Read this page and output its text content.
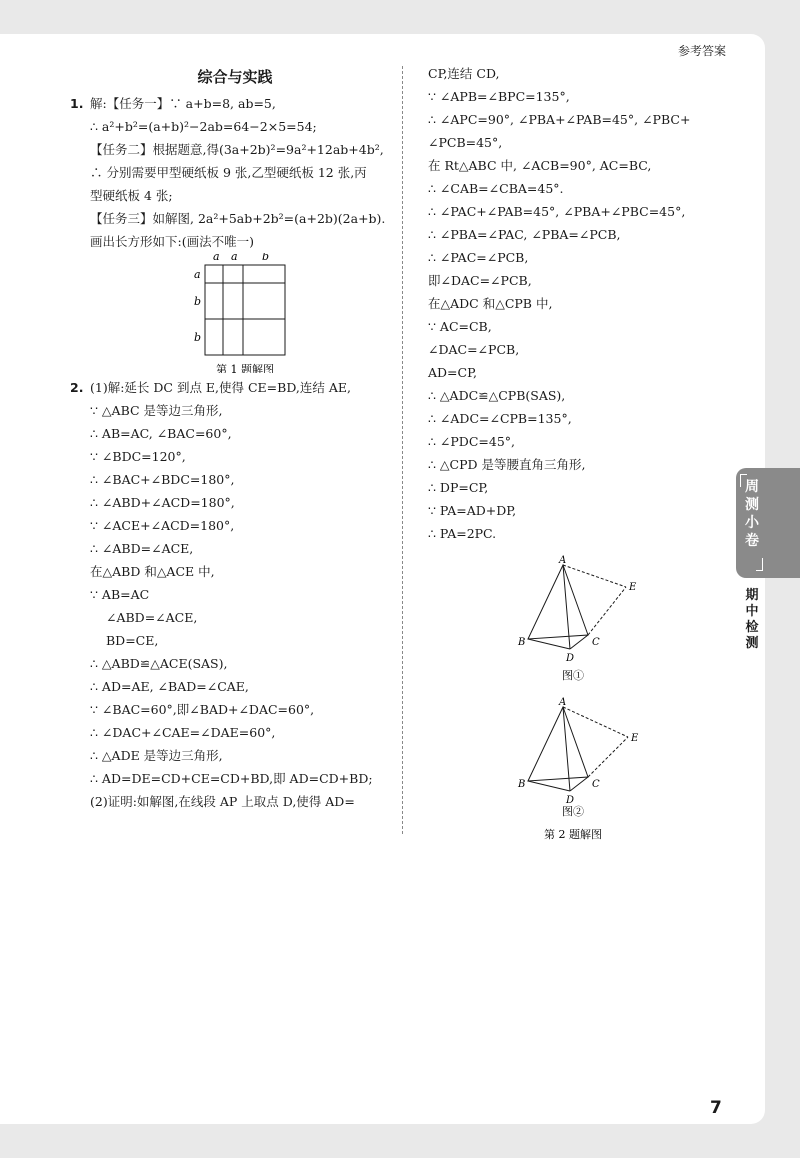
参考答案
综合与实践
1. 解:【任务一】∵ a+b=8, ab=5,
∴ a²+b²=(a+b)²−2ab=64−2×5=54;
【任务二】根据题意,得(3a+2b)²=9a²+12ab+4b²,
∴ 分别需要甲型硬纸板 9 张,乙型硬纸板 12 张,丙
型硬纸板 4 张;
【任务三】如解图, 2a²+5ab+2b²=(a+2b)(2a+b).
画出长方形如下:(画法不唯一)
a a b
a
b
b
第 1 题解图
2. (1)解:延长 DC 到点 E,使得 CE=BD,连结 AE,
∵ △ABC 是等边三角形,
∴ AB=AC, ∠BAC=60°,
∵ ∠BDC=120°,
∴ ∠BAC+∠BDC=180°,
∴ ∠ABD+∠ACD=180°,
∵ ∠ACE+∠ACD=180°,
∴ ∠ABD=∠ACE,
在△ABD 和△ACE 中,
∵ AB=AC
∠ABD=∠ACE,
BD=CE,
∴ △ABD≌△ACE(SAS),
∴ AD=AE, ∠BAD=∠CAE,
∵ ∠BAC=60°,即∠BAD+∠DAC=60°,
∴ ∠DAC+∠CAE=∠DAE=60°,
∴ △ADE 是等边三角形,
∴ AD=DE=CD+CE=CD+BD,即 AD=CD+BD;
(2)证明:如解图,在线段 AP 上取点 D,使得 AD=
CP,连结 CD,
∵ ∠APB=∠BPC=135°,
∴ ∠APC=90°, ∠PBA+∠PAB=45°, ∠PBC+
∠PCB=45°,
在 Rt△ABC 中, ∠ACB=90°, AC=BC,
∴ ∠CAB=∠CBA=45°.
∴ ∠PAC+∠PAB=45°, ∠PBA+∠PBC=45°,
∴ ∠PBA=∠PAC, ∠PBA=∠PCB,
∴ ∠PAC=∠PCB,
即∠DAC=∠PCB,
在△ADC 和△CPB 中,
∵ AC=CB,
∠DAC=∠PCB,
AD=CP,
∴ △ADC≌△CPB(SAS),
∴ ∠ADC=∠CPB=135°,
∴ ∠PDC=45°,
∴ △CPD 是等腰直角三角形,
∴ DP=CP,
∵ PA=AD+DP,
∴ PA=2PC.
A
B	C
D
E
图①
A
B	C
D
E
图②
第 2 题解图
周
测
小
卷
期
中
检
测
7
